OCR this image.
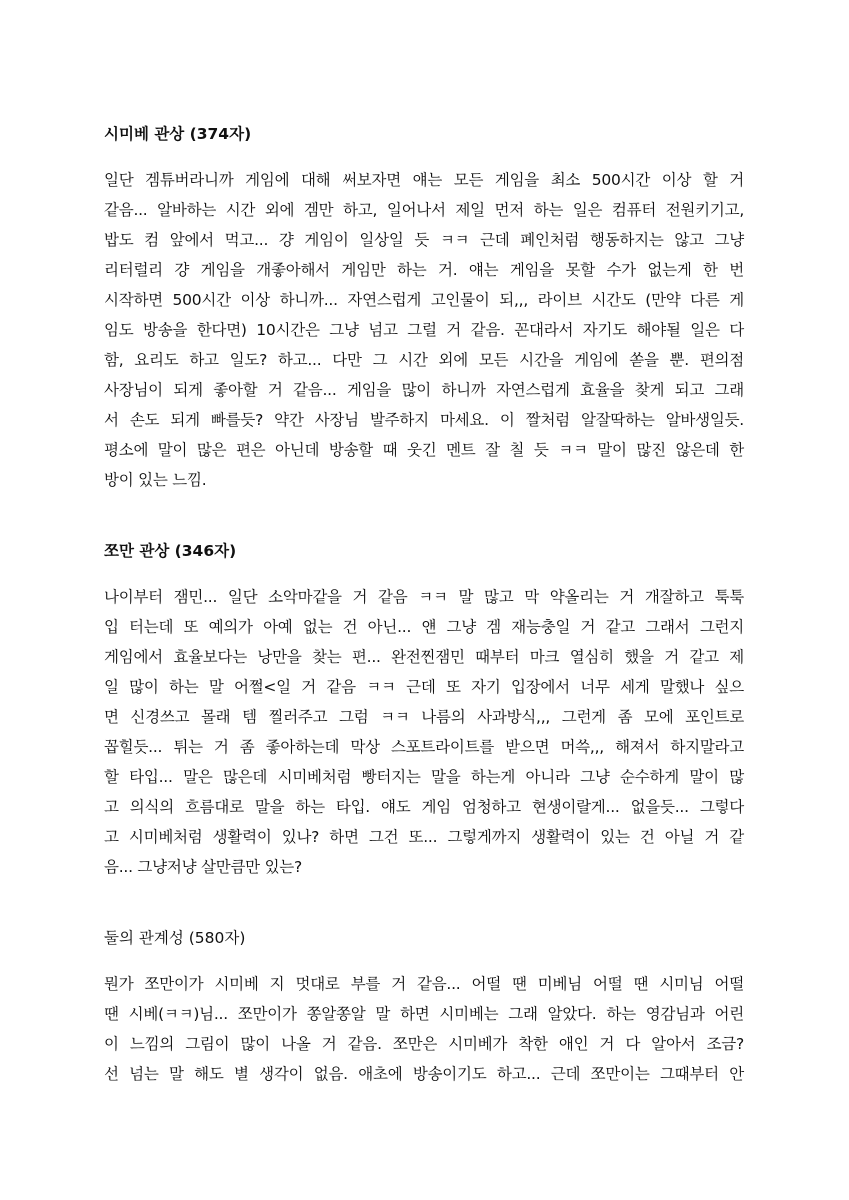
시미베 관상 (374자)
일단 겜튜버라니까 게임에 대해 써보자면 얘는 모든 게임을 최소 500시간 이상 할 거
같음... 알바하는 시간 외에 겜만 하고, 일어나서 제일 먼저 하는 일은 컴퓨터 전원키기고,
밥도 컴 앞에서 먹고... 걍 게임이 일상일 듯 ㅋㅋ 근데 폐인처럼 행동하지는 않고 그냥
리터럴리 걍 게임을 개좋아해서 게임만 하는 거. 얘는 게임을 못할 수가 없는게 한 번
시작하면 500시간 이상 하니까... 자연스럽게 고인물이 되,,, 라이브 시간도 (만약 다른 게
임도 방송을 한다면) 10시간은 그냥 넘고 그럴 거 같음. 꼰대라서 자기도 해야될 일은 다
함, 요리도 하고 일도? 하고... 다만 그 시간 외에 모든 시간을 게임에 쏟을 뿐. 편의점
사장님이 되게 좋아할 거 같음... 게임을 많이 하니까 자연스럽게 효율을 찾게 되고 그래
서 손도 되게 빠를듯? 약간 사장님 발주하지 마세요. 이 짤처럼 알잘딱하는 알바생일듯.
평소에 말이 많은 편은 아닌데 방송할 때 웃긴 멘트 잘 칠 듯 ㅋㅋ 말이 많진 않은데 한
방이 있는 느낌.
쪼만 관상 (346자)
나이부터 잼민... 일단 소악마같을 거 같음 ㅋㅋ 말 많고 막 약올리는 거 개잘하고 툭툭
입 터는데 또 예의가 아예 없는 건 아닌... 얜 그냥 겜 재능충일 거 같고 그래서 그런지
게임에서 효율보다는 낭만을 찾는 편... 완전찐잼민 때부터 마크 열심히 했을 거 같고 제
일 많이 하는 말 어쩔<일 거 같음 ㅋㅋ 근데 또 자기 입장에서 너무 세게 말했나 싶으
면 신경쓰고 몰래 템 찔러주고 그럼 ㅋㅋ 나름의 사과방식,,, 그런게 좀 모에 포인트로
꼽힐듯... 튀는 거 좀 좋아하는데 막상 스포트라이트를 받으면 머쓱,,, 해져서 하지말라고
할 타입... 말은 많은데 시미베처럼 빵터지는 말을 하는게 아니라 그냥 순수하게 말이 많
고 의식의 흐름대로 말을 하는 타입. 얘도 게임 엄청하고 현생이랄게... 없을듯... 그렇다
고 시미베처럼 생활력이 있나? 하면 그건 또... 그렇게까지 생활력이 있는 건 아닐 거 같
음... 그냥저냥 살만큼만 있는?
둘의 관계성 (580자)
뭔가 쪼만이가 시미베 지 멋대로 부를 거 같음... 어떨 땐 미베님 어떨 땐 시미님 어떨
땐 시베(ㅋㅋ)님... 쪼만이가 쫑알쫑알 말 하면 시미베는 그래 알았다. 하는 영감님과 어린
이 느낌의 그림이 많이 나올 거 같음. 쪼만은 시미베가 착한 애인 거 다 알아서 조금?
선 넘는 말 해도 별 생각이 없음. 애초에 방송이기도 하고... 근데 쪼만이는 그때부터 안
